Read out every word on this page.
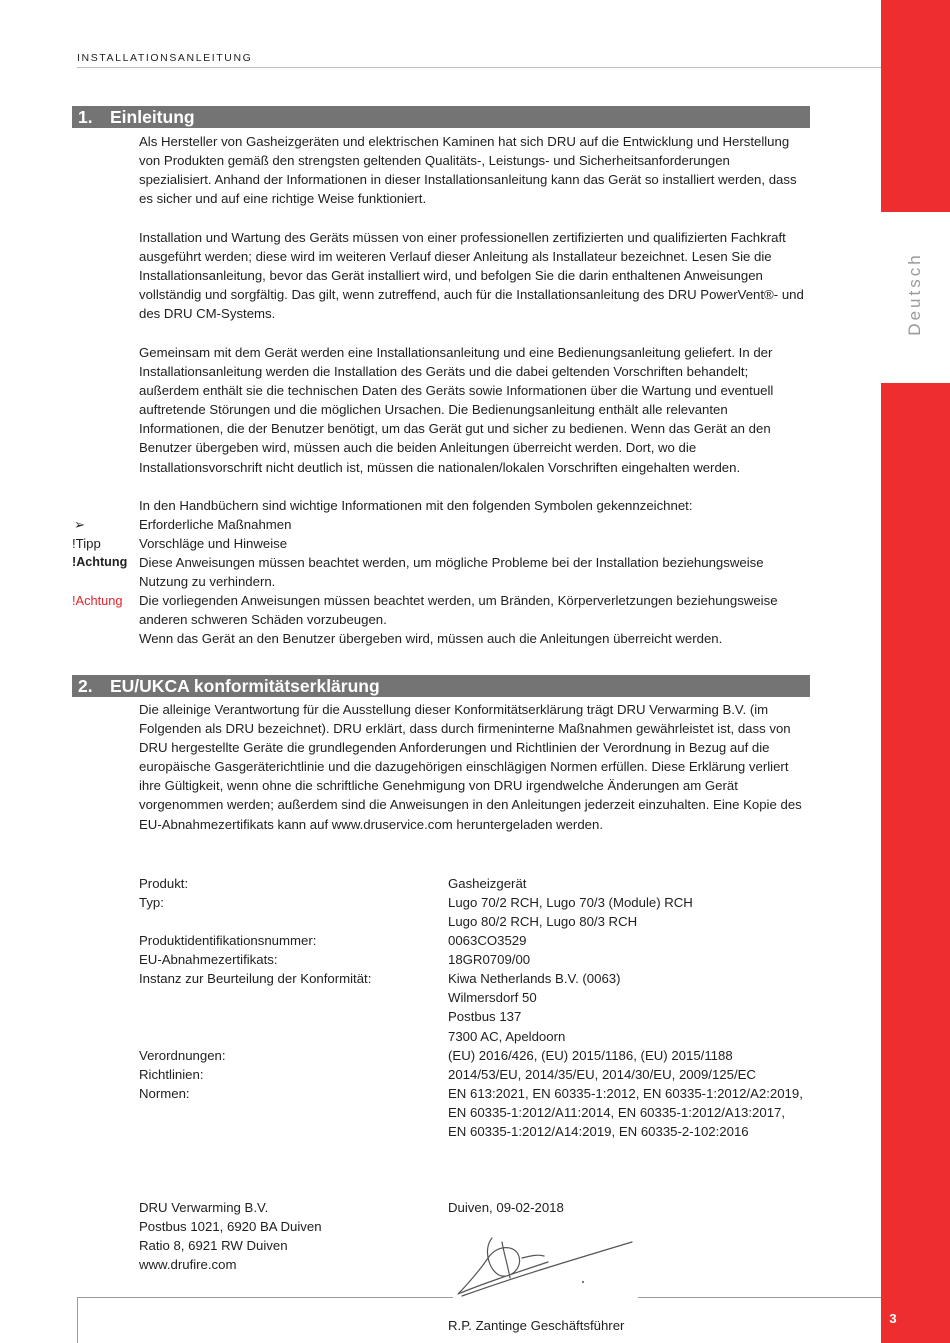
INSTALLATIONSANLEITUNG
Deutsch
3
1. Einleitung
Als Hersteller von Gasheizgeräten und elektrischen Kaminen hat sich DRU auf die Entwicklung und Herstellung
von Produkten gemäß den strengsten geltenden Qualitäts-, Leistungs- und Sicherheitsanforderungen
spezialisiert. Anhand der Informationen in dieser Installationsanleitung kann das Gerät so installiert werden, dass
es sicher und auf eine richtige Weise funktioniert.
Installation und Wartung des Geräts müssen von einer professionellen zertifizierten und qualifizierten Fachkraft
ausgeführt werden; diese wird im weiteren Verlauf dieser Anleitung als Installateur bezeichnet. Lesen Sie die
Installationsanleitung, bevor das Gerät installiert wird, und befolgen Sie die darin enthaltenen Anweisungen
vollständig und sorgfältig. Das gilt, wenn zutreffend, auch für die Installationsanleitung des DRU PowerVent®- und
des DRU CM-Systems.
Gemeinsam mit dem Gerät werden eine Installationsanleitung und eine Bedienungsanleitung geliefert. In der
Installationsanleitung werden die Installation des Geräts und die dabei geltenden Vorschriften behandelt;
außerdem enthält sie die technischen Daten des Geräts sowie Informationen über die Wartung und eventuell
auftretende Störungen und die möglichen Ursachen. Die Bedienungsanleitung enthält alle relevanten
Informationen, die der Benutzer benötigt, um das Gerät gut und sicher zu bedienen. Wenn das Gerät an den
Benutzer übergeben wird, müssen auch die beiden Anleitungen überreicht werden. Dort, wo die
Installationsvorschrift nicht deutlich ist, müssen die nationalen/lokalen Vorschriften eingehalten werden.
In den Handbüchern sind wichtige Informationen mit den folgenden Symbolen gekennzeichnet:
➢	Erforderliche Maßnahmen
!Tipp	Vorschläge und Hinweise
!Achtung Diese Anweisungen müssen beachtet werden, um mögliche Probleme bei der Installation beziehungsweise
Nutzung zu verhindern.
!Achtung Die vorliegenden Anweisungen müssen beachtet werden, um Bränden, Körperverletzungen beziehungsweise
anderen schweren Schäden vorzubeugen.
Wenn das Gerät an den Benutzer übergeben wird, müssen auch die Anleitungen überreicht werden.
2. EU/UKCA konformitätserklärung
Die alleinige Verantwortung für die Ausstellung dieser Konformitätserklärung trägt DRU Verwarming B.V. (im
Folgenden als DRU bezeichnet). DRU erklärt, dass durch firmeninterne Maßnahmen gewährleistet ist, dass von
DRU hergestellte Geräte die grundlegenden Anforderungen und Richtlinien der Verordnung in Bezug auf die
europäische Gasgeräterichtlinie und die dazugehörigen einschlägigen Normen erfüllen. Diese Erklärung verliert
ihre Gültigkeit, wenn ohne die schriftliche Genehmigung von DRU irgendwelche Änderungen am Gerät
vorgenommen werden; außerdem sind die Anweisungen in den Anleitungen jederzeit einzuhalten. Eine Kopie des
EU-Abnahmezertifikats kann auf www.druservice.com heruntergeladen werden.
Produkt:
Typ:
Produktidentifikationsnummer:
EU-Abnahmezertifikats:
Instanz zur Beurteilung der Konformität:
Verordnungen:
Richtlinien:
Normen:
Gasheizgerät
Lugo 70/2 RCH, Lugo 70/3 (Module) RCH
Lugo 80/2 RCH, Lugo 80/3 RCH
0063CO3529
18GR0709/00
Kiwa Netherlands B.V. (0063)
Wilmersdorf 50
Postbus 137
7300 AC, Apeldoorn
(EU) 2016/426, (EU) 2015/1186, (EU) 2015/1188
2014/53/EU, 2014/35/EU, 2014/30/EU, 2009/125/EC
EN 613:2021, EN 60335-1:2012, EN 60335-1:2012/A2:2019,
EN 60335-1:2012/A11:2014, EN 60335-1:2012/A13:2017,
EN 60335-1:2012/A14:2019, EN 60335-2-102:2016
DRU Verwarming B.V.
Postbus 1021, 6920 BA Duiven
Ratio 8, 6921 RW Duiven
www.drufire.com
Duiven, 09-02-2018
R.P. Zantinge Geschäftsführer
